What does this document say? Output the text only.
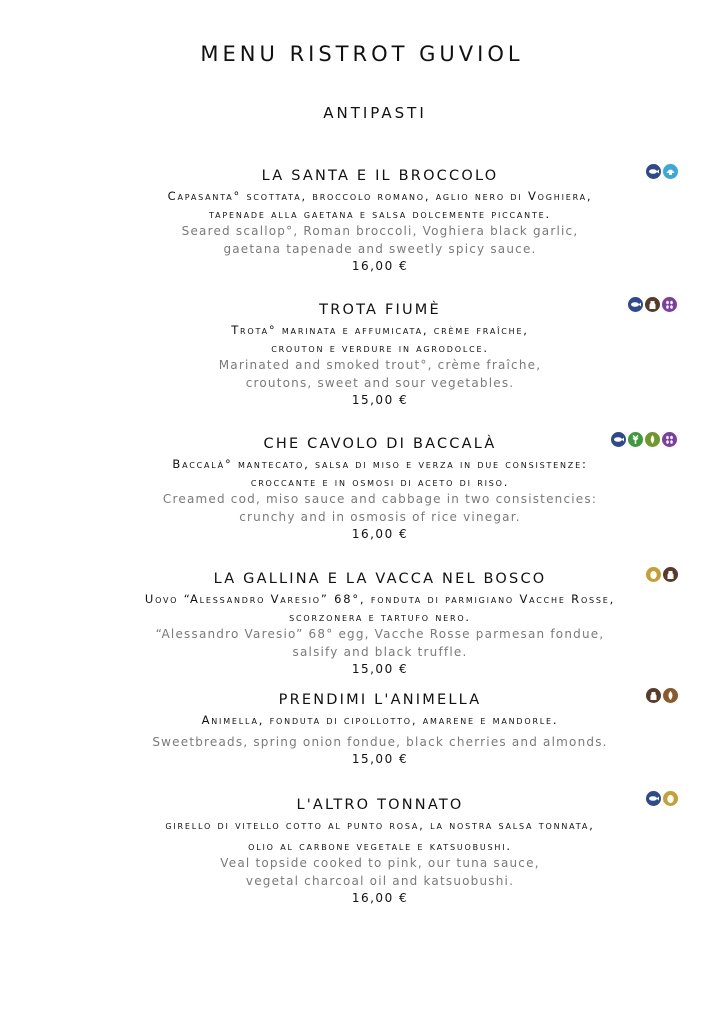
MENU RISTROT GUVIOL
ANTIPASTI
LA SANTA E IL BROCCOLO
Capasanta° scottata, broccolo romano, aglio nero di Voghiera,
tapenade alla gaetana e salsa dolcemente piccante.
Seared scallop°, Roman broccoli, Voghiera black garlic,
gaetana tapenade and sweetly spicy sauce.
16,00 €
TROTA FIUMÈ
Trota° marinata e affumicata, crème fraîche,
crouton e verdure in agrodolce.
Marinated and smoked trout°, crème fraîche,
croutons, sweet and sour vegetables.
15,00 €
CHE CAVOLO DI BACCALÀ
Baccalà° mantecato, salsa di miso e verza in due consistenze:
croccante e in osmosi di aceto di riso.
Creamed cod, miso sauce and cabbage in two consistencies:
crunchy and in osmosis of rice vinegar.
16,00 €
LA GALLINA E LA VACCA NEL BOSCO
Uovo “Alessandro Varesio” 68°, fonduta di parmigiano Vacche Rosse,
scorzonera e tartufo nero.
“Alessandro Varesio” 68° egg, Vacche Rosse parmesan fondue,
salsify and black truffle.
15,00 €
PRENDIMI L'ANIMELLA
Animella, fonduta di cipollotto, amarene e mandorle.
Sweetbreads, spring onion fondue, black cherries and almonds.
15,00 €
L'ALTRO TONNATO
girello di vitello cotto al punto rosa, la nostra salsa tonnata,
olio al carbone vegetale e katsuobushi.
Veal topside cooked to pink, our tuna sauce,
vegetal charcoal oil and katsuobushi.
16,00 €
